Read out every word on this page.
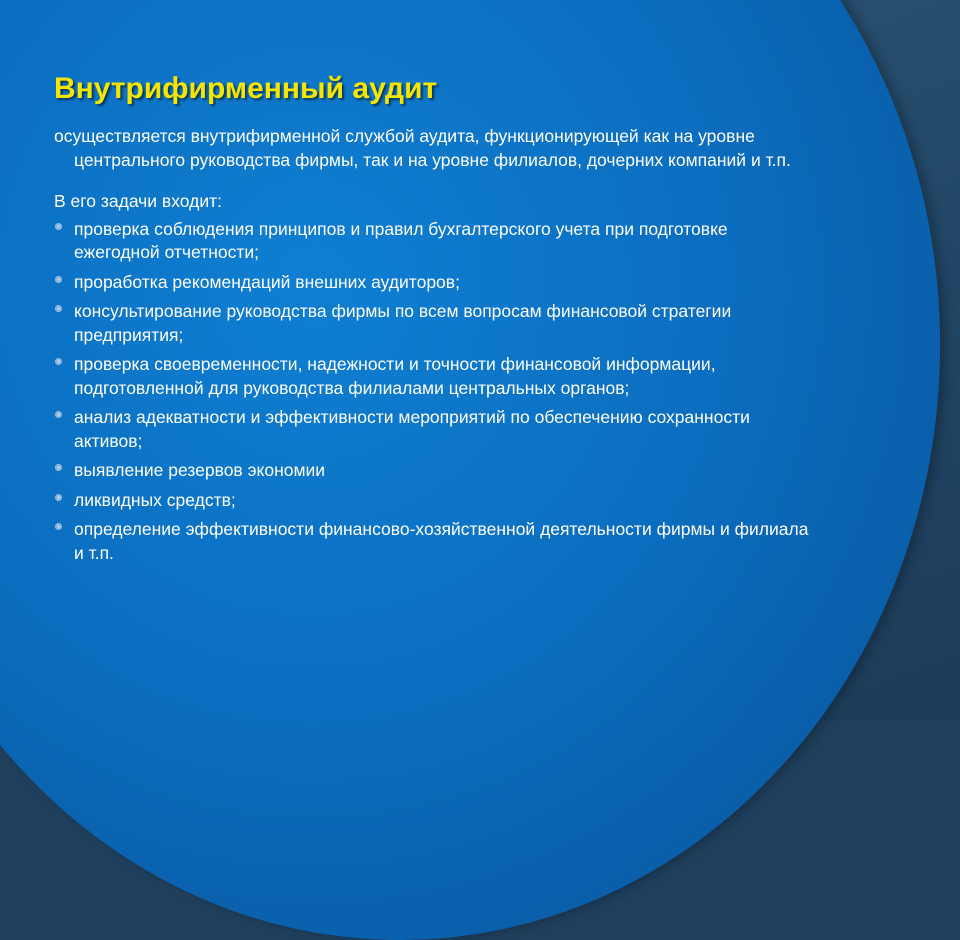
Внутрифирменный аудит

осуществляется внутрифирменной службой аудита, функционирующей как на уровне центрального руководства фирмы, так и на уровне филиалов, дочерних компаний и т.п.

В его задачи входит:

проверка соблюдения принципов и правил бухгалтерского учета при подготовке ежегодной отчетности;
проработка рекомендаций внешних аудиторов;
консультирование руководства фирмы по всем вопросам финансовой стратегии предприятия;
проверка своевременности, надежности и точности финансовой информации, подготовленной для руководства филиалами центральных органов;
анализ адекватности и эффективности мероприятий по обеспечению сохранности активов;
выявление резервов экономии
ликвидных средств;
определение эффективности финансово-хозяйственной деятельности фирмы и филиала и т.п.
